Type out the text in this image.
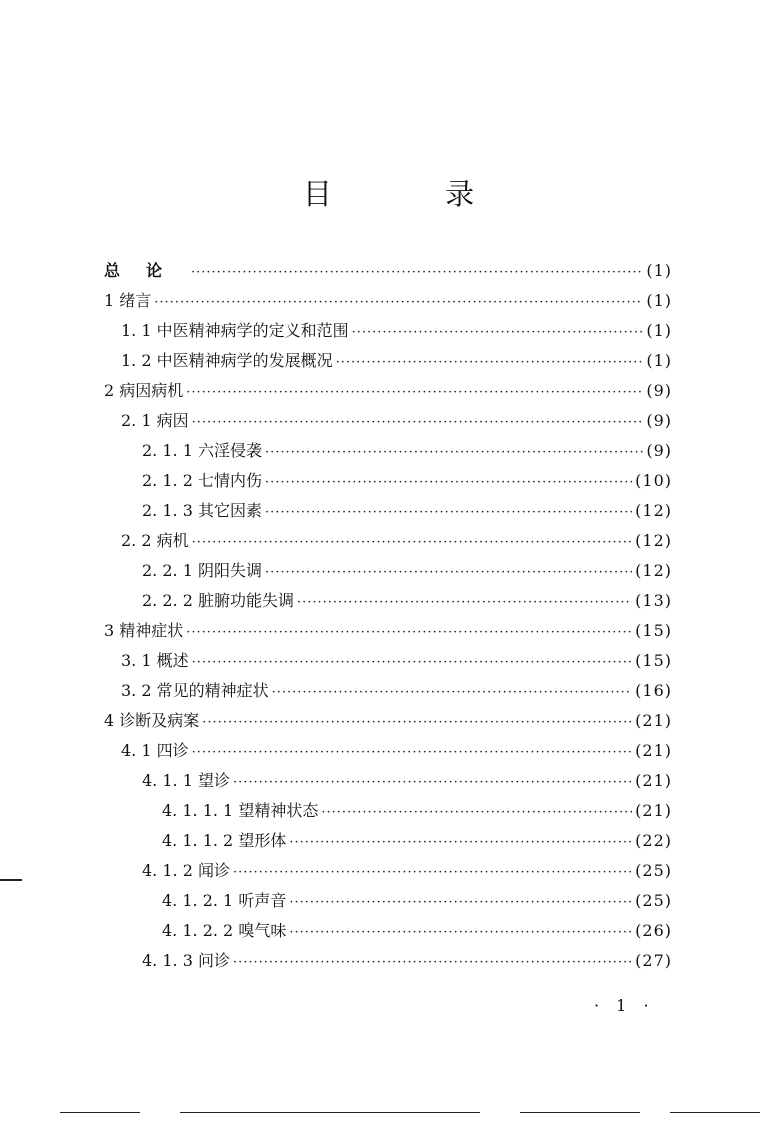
目 录
总论 ·····	(1)
1 绪言 ·····	(1)
1. 1 中医精神病学的定义和范围 ·····	(1)
1. 2 中医精神病学的发展概况 ·····	(1)
2 病因病机 ·····	(9)
2. 1 病因 ·····	(9)
2. 1. 1 六淫侵袭 ·····	(9)
2. 1. 2 七情内伤 ·····	(10)
2. 1. 3 其它因素 ·····	(12)
2. 2 病机 ·····	(12)
2. 2. 1 阴阳失调 ·····	(12)
2. 2. 2 脏腑功能失调 ·····	(13)
3 精神症状 ·····	(15)
3. 1 概述 ·····	(15)
3. 2 常见的精神症状 ·····	(16)
4 诊断及病案 ·····	(21)
4. 1 四诊 ·····	(21)
4. 1. 1 望诊 ·····	(21)
4. 1. 1. 1 望精神状态 ·····	(21)
4. 1. 1. 2 望形体 ·····	(22)
4. 1. 2 闻诊 ·····	(25)
4. 1. 2. 1 听声音 ·····	(25)
4. 1. 2. 2 嗅气味 ·····	(26)
4. 1. 3 问诊 ·····	(27)
· 1 ·
